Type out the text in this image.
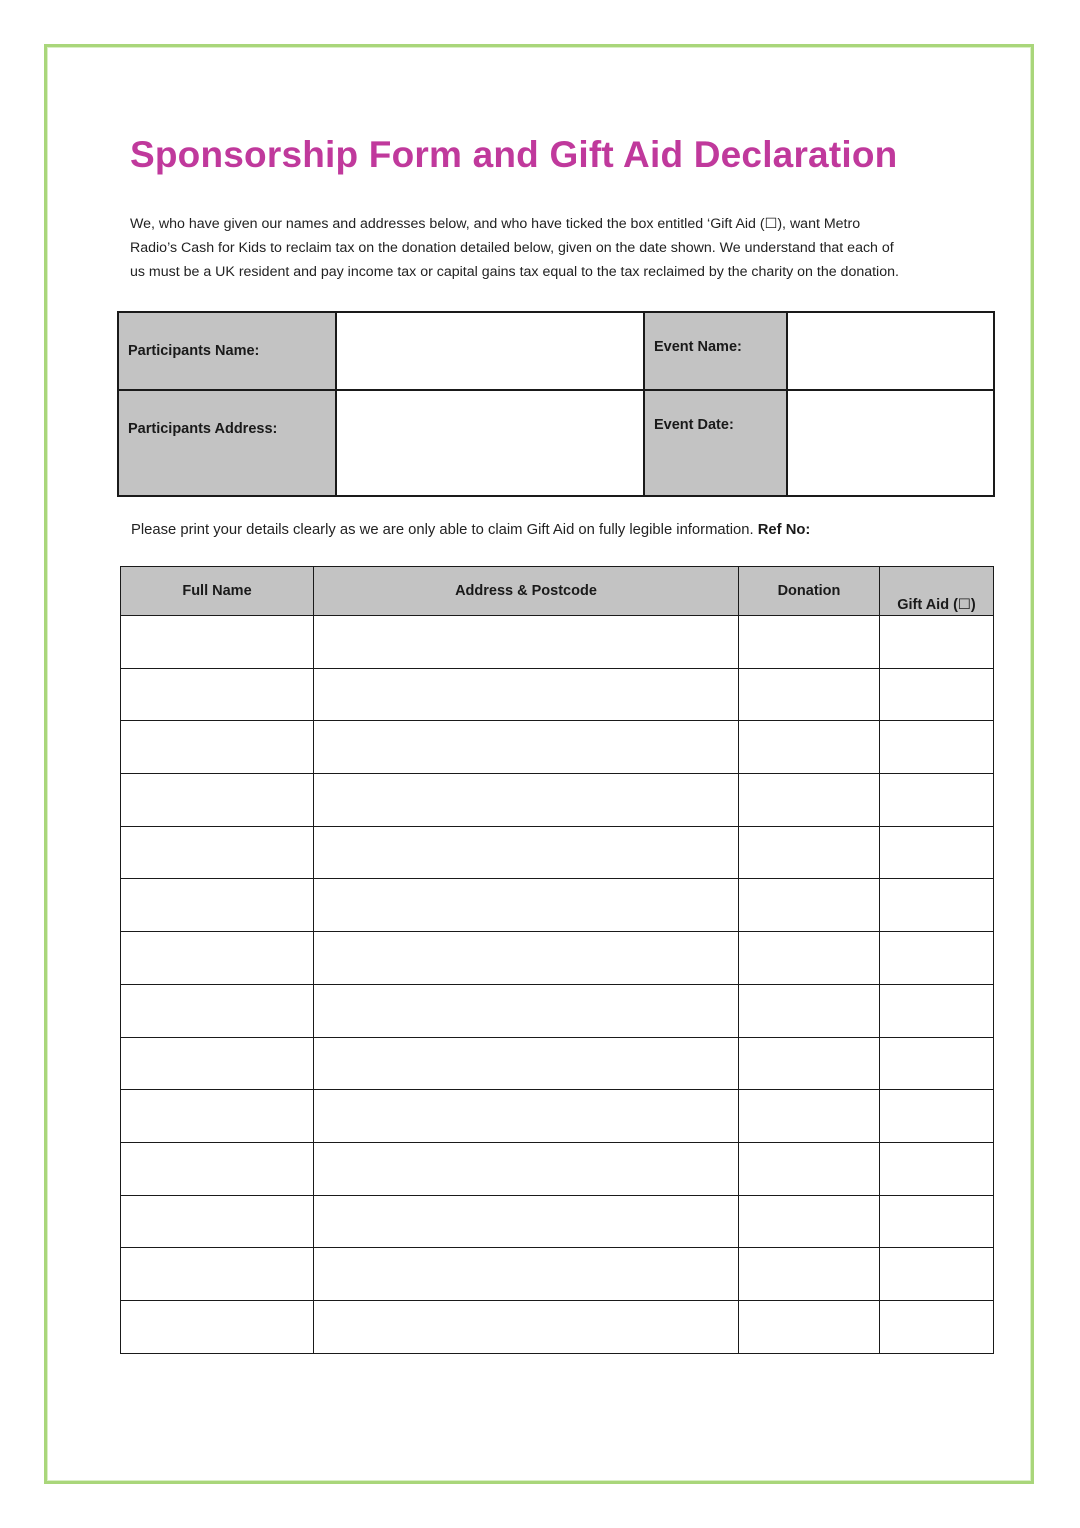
Sponsorship Form and Gift Aid Declaration

We, who have given our names and addresses below, and who have ticked the box entitled ‘Gift Aid (☐), want Metro
Radio’s Cash for Kids to reclaim tax on the donation detailed below, given on the date shown. We understand that each of
us must be a UK resident and pay income tax or capital gains tax equal to the tax reclaimed by the charity on the donation.

Participants Name:		Event Name:	
Participants Address:		Event Date:	

Please print your details clearly as we are only able to claim Gift Aid on fully legible information. Ref No:

Full Name	Address & Postcode	Donation	Gift Aid (☐)
